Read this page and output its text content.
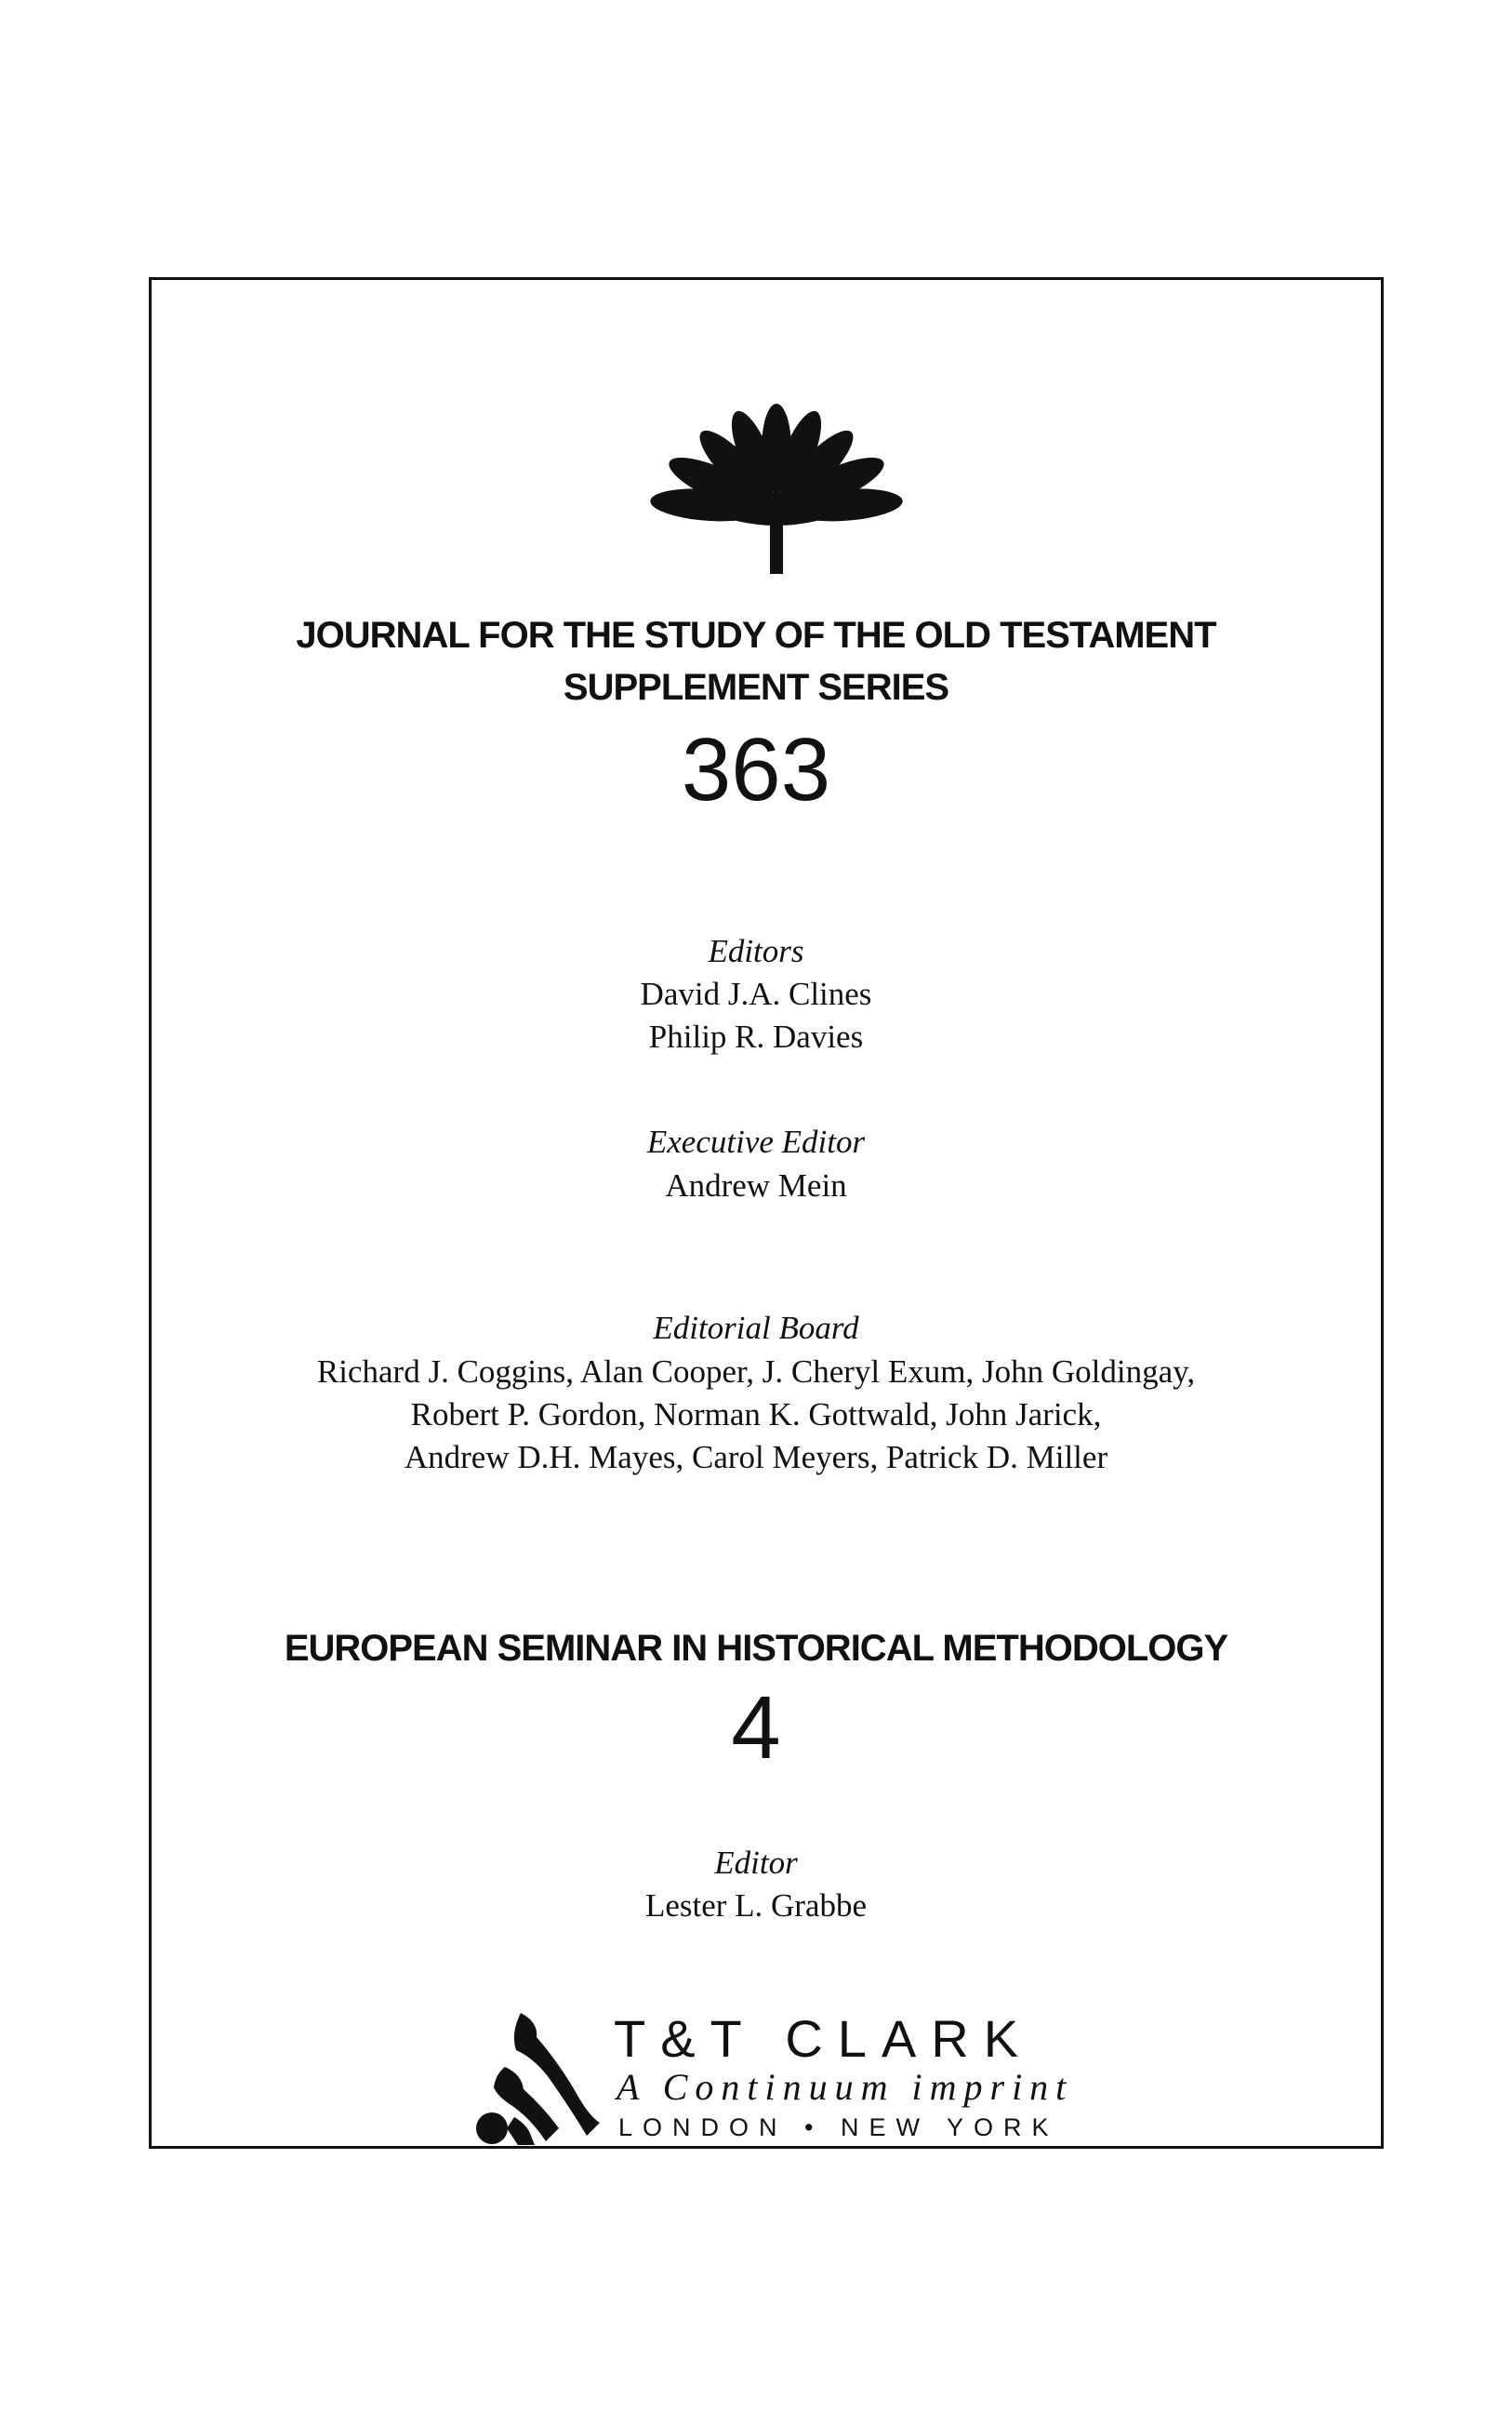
JOURNAL FOR THE STUDY OF THE OLD TESTAMENT
SUPPLEMENT SERIES
363
Editors
David J.A. Clines
Philip R. Davies
Executive Editor
Andrew Mein
Editorial Board
Richard J. Coggins, Alan Cooper, J. Cheryl Exum, John Goldingay,
Robert P. Gordon, Norman K. Gottwald, John Jarick,
Andrew D.H. Mayes, Carol Meyers, Patrick D. Miller
EUROPEAN SEMINAR IN HISTORICAL METHODOLOGY
4
Editor
Lester L. Grabbe
T&T CLARK
A Continuum imprint
LONDON • NEW YORK
